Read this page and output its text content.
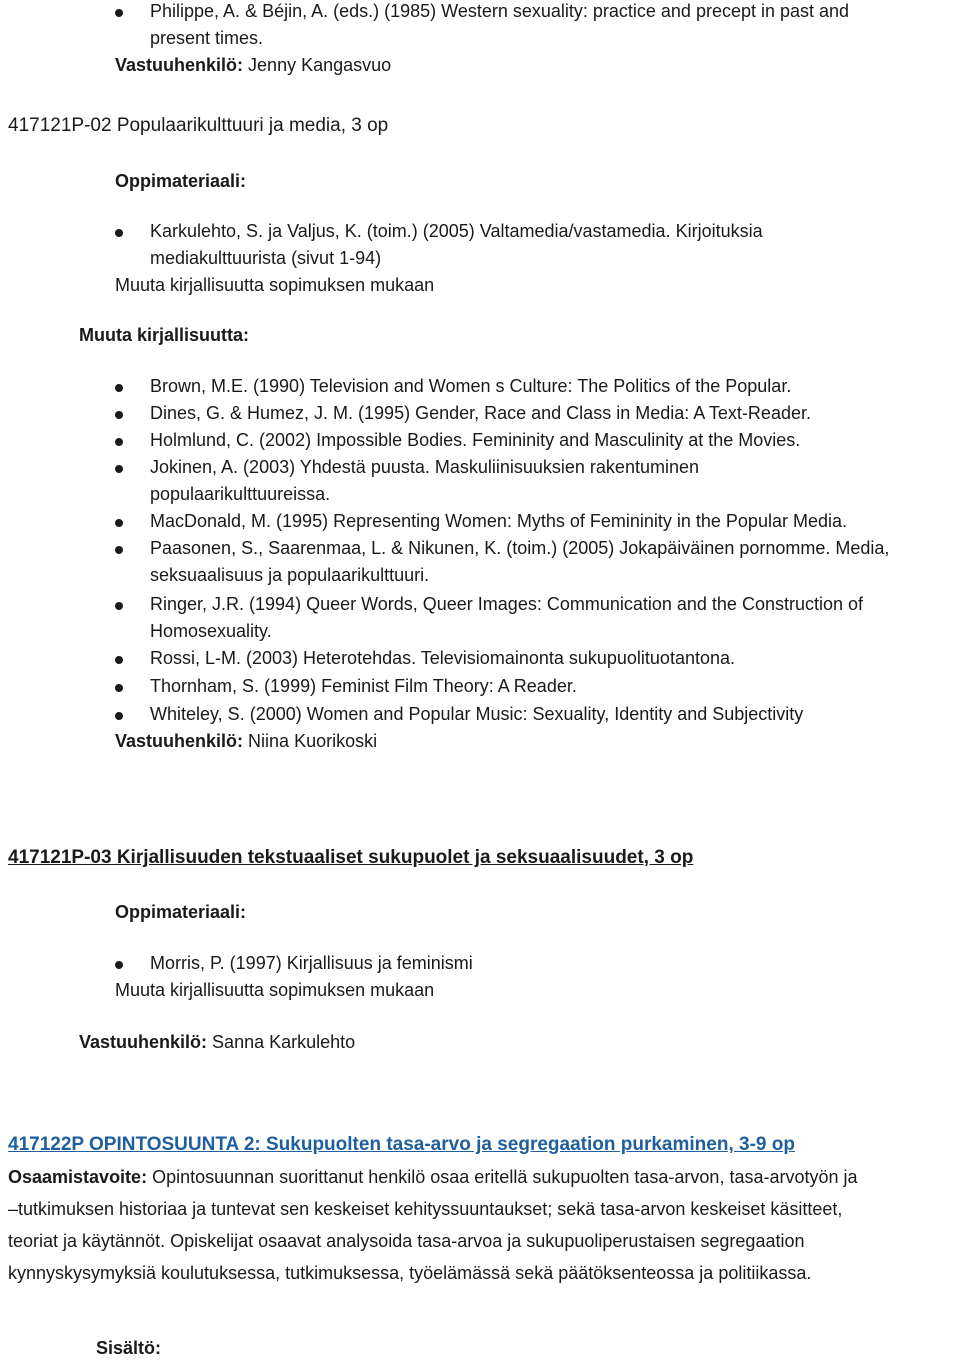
Philippe, A. & Béjin, A. (eds.) (1985) Western sexuality: practice and precept in past and
present times.
Vastuuhenkilö: Jenny Kangasvuo
417121P-02 Populaarikulttuuri ja media, 3 op
Oppimateriaali:
Karkulehto, S. ja Valjus, K. (toim.) (2005) Valtamedia/vastamedia. Kirjoituksia
mediakulttuurista (sivut 1-94)
Muuta kirjallisuutta sopimuksen mukaan
Muuta kirjallisuutta:
Brown, M.E. (1990) Television and Women s Culture: The Politics of the Popular.
Dines, G. & Humez, J. M. (1995) Gender, Race and Class in Media: A Text-Reader.
Holmlund, C. (2002) Impossible Bodies. Femininity and Masculinity at the Movies.
Jokinen, A. (2003) Yhdestä puusta. Maskuliinisuuksien rakentuminen
populaarikulttuureissa.
MacDonald, M. (1995) Representing Women: Myths of Femininity in the Popular Media.
Paasonen, S., Saarenmaa, L. & Nikunen, K. (toim.) (2005) Jokapäiväinen pornomme. Media,
seksuaalisuus ja populaarikulttuuri.
Ringer, J.R. (1994) Queer Words, Queer Images: Communication and the Construction of
Homosexuality.
Rossi, L-M. (2003) Heterotehdas. Televisiomainonta sukupuolituotantona.
Thornham, S. (1999) Feminist Film Theory: A Reader.
Whiteley, S. (2000) Women and Popular Music: Sexuality, Identity and Subjectivity
Vastuuhenkilö: Niina Kuorikoski
417121P-03 Kirjallisuuden tekstuaaliset sukupuolet ja seksuaalisuudet, 3 op
Oppimateriaali:
Morris, P. (1997) Kirjallisuus ja feminismi
Muuta kirjallisuutta sopimuksen mukaan
Vastuuhenkilö: Sanna Karkulehto
417122P OPINTOSUUNTA 2: Sukupuolten tasa-arvo ja segregaation purkaminen, 3-9 op
Osaamistavoite: Opintosuunnan suorittanut henkilö osaa eritellä sukupuolten tasa-arvon, tasa-arvotyön ja
–tutkimuksen historiaa ja tuntevat sen keskeiset kehityssuuntaukset; sekä tasa-arvon keskeiset käsitteet,
teoriat ja käytännöt. Opiskelijat osaavat analysoida tasa-arvoa ja sukupuoliperustaisen segregaation
kynnyskysymyksiä koulutuksessa, tutkimuksessa, työelämässä sekä päätöksenteossa ja politiikassa.
Sisältö:
